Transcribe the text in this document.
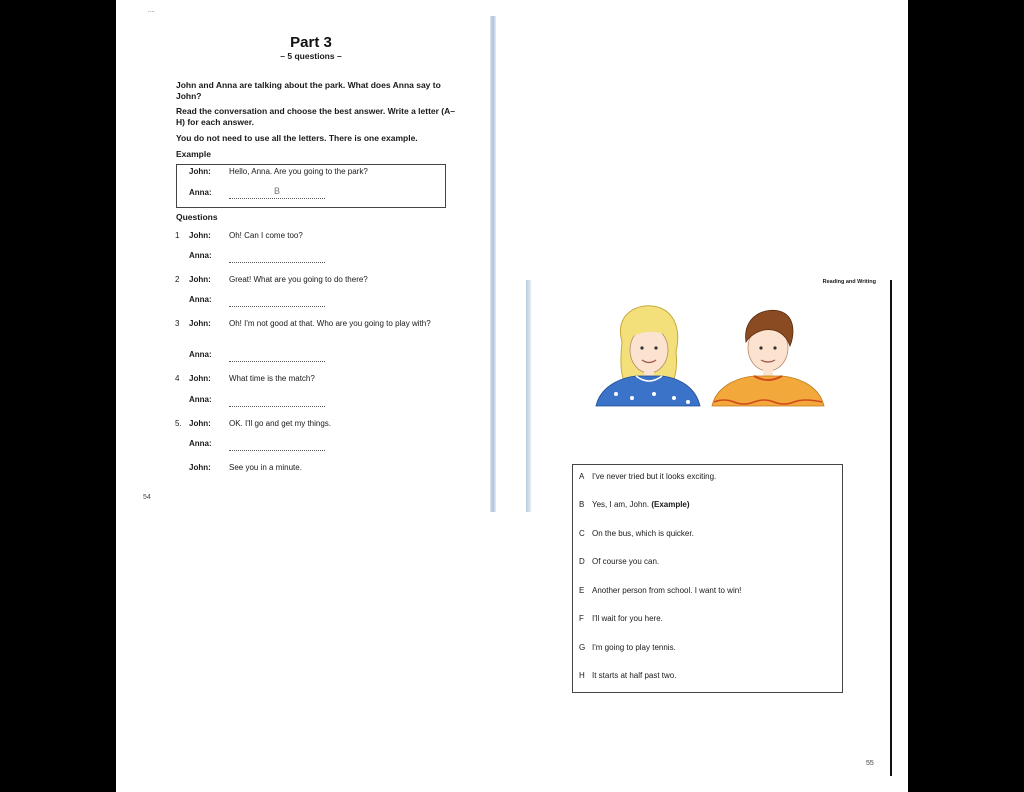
....
Part 3
– 5 questions –
John and Anna are talking about the park. What does Anna say to John?
Read the conversation and choose the best answer. Write a letter (A–H) for each answer.
You do not need to use all the letters. There is one example.
Example
John: Hello, Anna. Are you going to the park?
Anna:	B
Questions
1 John: Oh! Can I come too?
Anna:
2 John: Great! What are you going to do there?
Anna:
3 John: Oh! I'm not good at that. Who are you going to play with?
Anna:
4 John: What time is the match?
Anna:
5. John: OK. I'll go and get my things.
Anna:
John: See you in a minute.
54
Reading and Writing
A I've never tried but it looks exciting.
B Yes, I am, John. (Example)
C On the bus, which is quicker.
D Of course you can.
E Another person from school. I want to win!
F I'll wait for you here.
G I'm going to play tennis.
H It starts at half past two.
55
